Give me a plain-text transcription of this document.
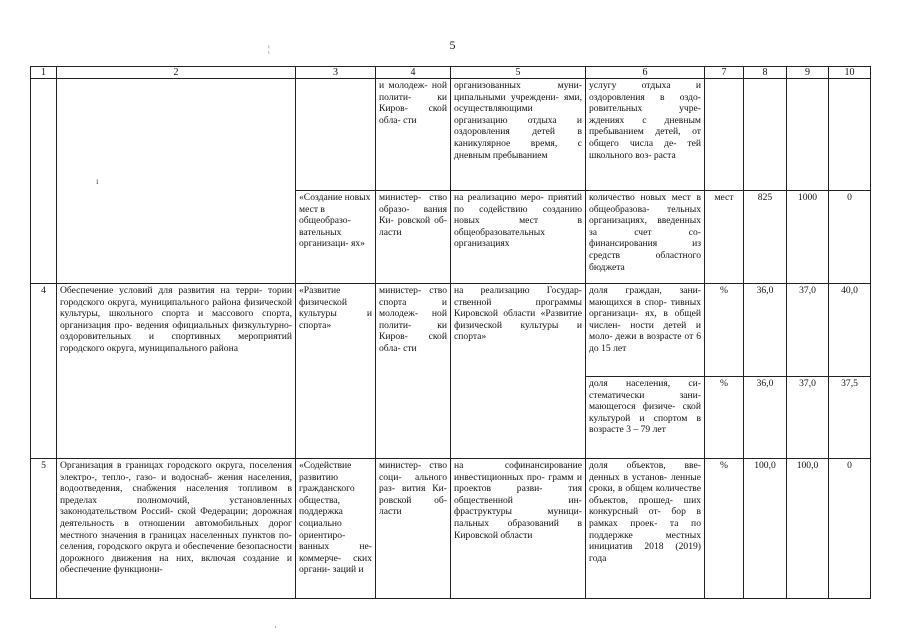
5
¦
ı
·
1	2	3	4	5	6	7	8	9	10
			и молодеж- ной полити- ки Киров- ской обла- сти	организованных муни- ципальными учреждени- ями, осуществляющими организацию отдыха и оздоровления детей в каникулярное время, с дневным пребыванием	услугу отдыха и оздоровления в оздо- ровительных учре- ждениях с дневным пребыванием детей, от общего числа де- тей школьного воз- раста				
		«Создание новых мест в общеобразо- вательных организаци- ях»	министер- ство образо- вания Ки- ровской об- ласти	на реализацию меро- приятий по содействию созданию новых мест в общеобразовательных организациях	количество новых мест в общеобразова- тельных организациях, введенных за счет со- финансирования из средств областного бюджета	мест	825	1000	0
4	Обеспечение условий для развития на терри- тории городского округа, муниципального района физической культуры, школьного спорта и массового спорта, организация про- ведения официальных физкультурно- оздоровительных и спортивных мероприятий городского округа, муниципального района	«Развитие физической культуры и спорта»	министер- ство спорта и молодеж- ной полити- ки Киров- ской обла- сти	на реализацию Государ- ственной программы Кировской области «Развитие физической культуры и спорта»	доля граждан, зани- мающихся в спор- тивных организаци- ях, в общей числен- ности детей и моло- дежи в возрасте от 6 до 15 лет	%	36,0	37,0	40,0
					доля населения, си- стематически зани- мающегося физиче- ской культурой и спортом в возрасте 3 – 79 лет	%	36,0	37,0	37,5
5	Организация в границах городского округа, поселения электро-, тепло-, газо- и водоснаб- жения населения, водоотведения, снабжения населения топливом в пределах полномочий, установленных законодательством Россий- ской Федерации; дорожная деятельность в отношении автомобильных дорог местного значения в границах населенных пунктов по- селения, городского округа и обеспечение безопасности дорожного движения на них, включая создание и обеспечение функциони-	«Содействие развитию гражданского общества, поддержка социально ориентиро- ванных не- коммерче- ских органи- заций и	министер- ство соци- ального раз- вития Ки- ровской об- ласти	на софинансирование инвестиционных про- грамм и проектов разви- тия общественной ин- фраструктуры муници- пальных образований в Кировской области	доля объектов, вве- денных в установ- ленные сроки, в общем количестве объектов, прошед- ших конкурсный от- бор в рамках проек- та по поддержке местных инициатив 2018 (2019) года	%	100,0	100,0	0
